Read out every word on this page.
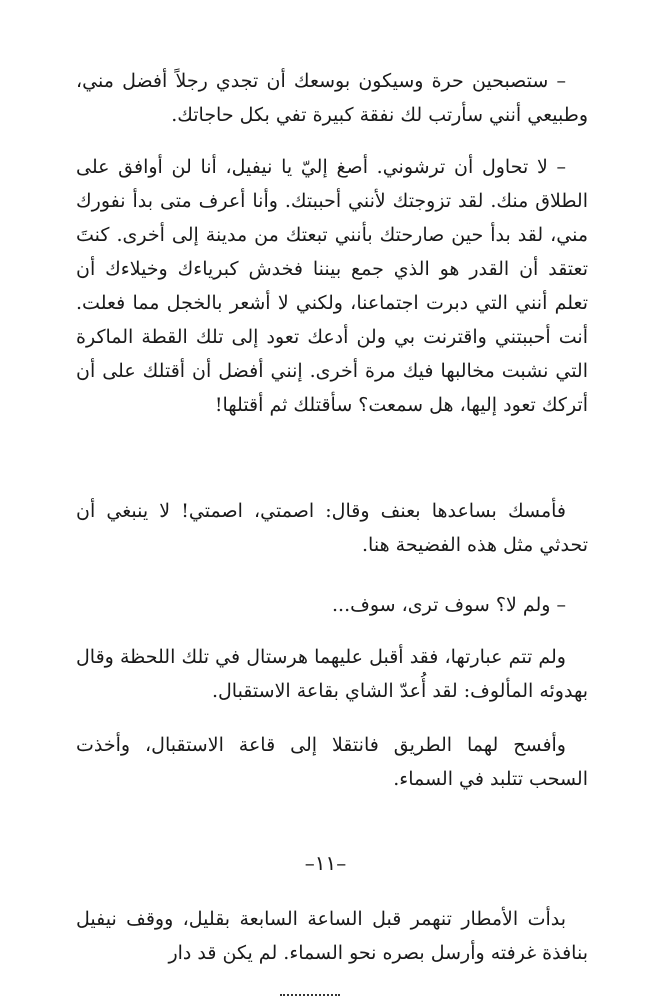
– ستصبحين حرة وسيكون بوسعك أن تجدي رجلاً أفضل مني، وطبيعي أنني سأرتب لك نفقة كبيرة تفي بكل حاجاتك.

– لا تحاول أن ترشوني. أصغ إليّ يا نيفيل، أنا لن أوافق على الطلاق منك. لقد تزوجتك لأنني أحببتك. وأنا أعرف متى بدأ نفورك مني، لقد بدأ حين صارحتك بأنني تبعتك من مدينة إلى أخرى. كنتَ تعتقد أن القدر هو الذي جمع بيننا فخدش كبرياءك وخيلاءك أن تعلم أنني التي دبرت اجتماعنا، ولكني لا أشعر بالخجل مما فعلت. أنت أحببتني واقترنت بي ولن أدعك تعود إلى تلك القطة الماكرة التي نشبت مخالبها فيك مرة أخرى. إنني أفضل أن أقتلك على أن أتركك تعود إليها، هل سمعت؟ سأقتلك ثم أقتلها!

فأمسك بساعدها بعنف وقال: اصمتي، اصمتي! لا ينبغي أن تحدثي مثل هذه الفضيحة هنا.

– ولم لا؟ سوف ترى، سوف...

ولم تتم عبارتها، فقد أقبل عليهما هرستال في تلك اللحظة وقال بهدوئه المألوف: لقد أُعدّ الشاي بقاعة الاستقبال.

وأفسح لهما الطريق فانتقلا إلى قاعة الاستقبال، وأخذت السحب تتلبد في السماء.

–١١–

بدأت الأمطار تنهمر قبل الساعة السابعة بقليل، ووقف نيفيل بنافذة غرفته وأرسل بصره نحو السماء. لم يكن قد دار
